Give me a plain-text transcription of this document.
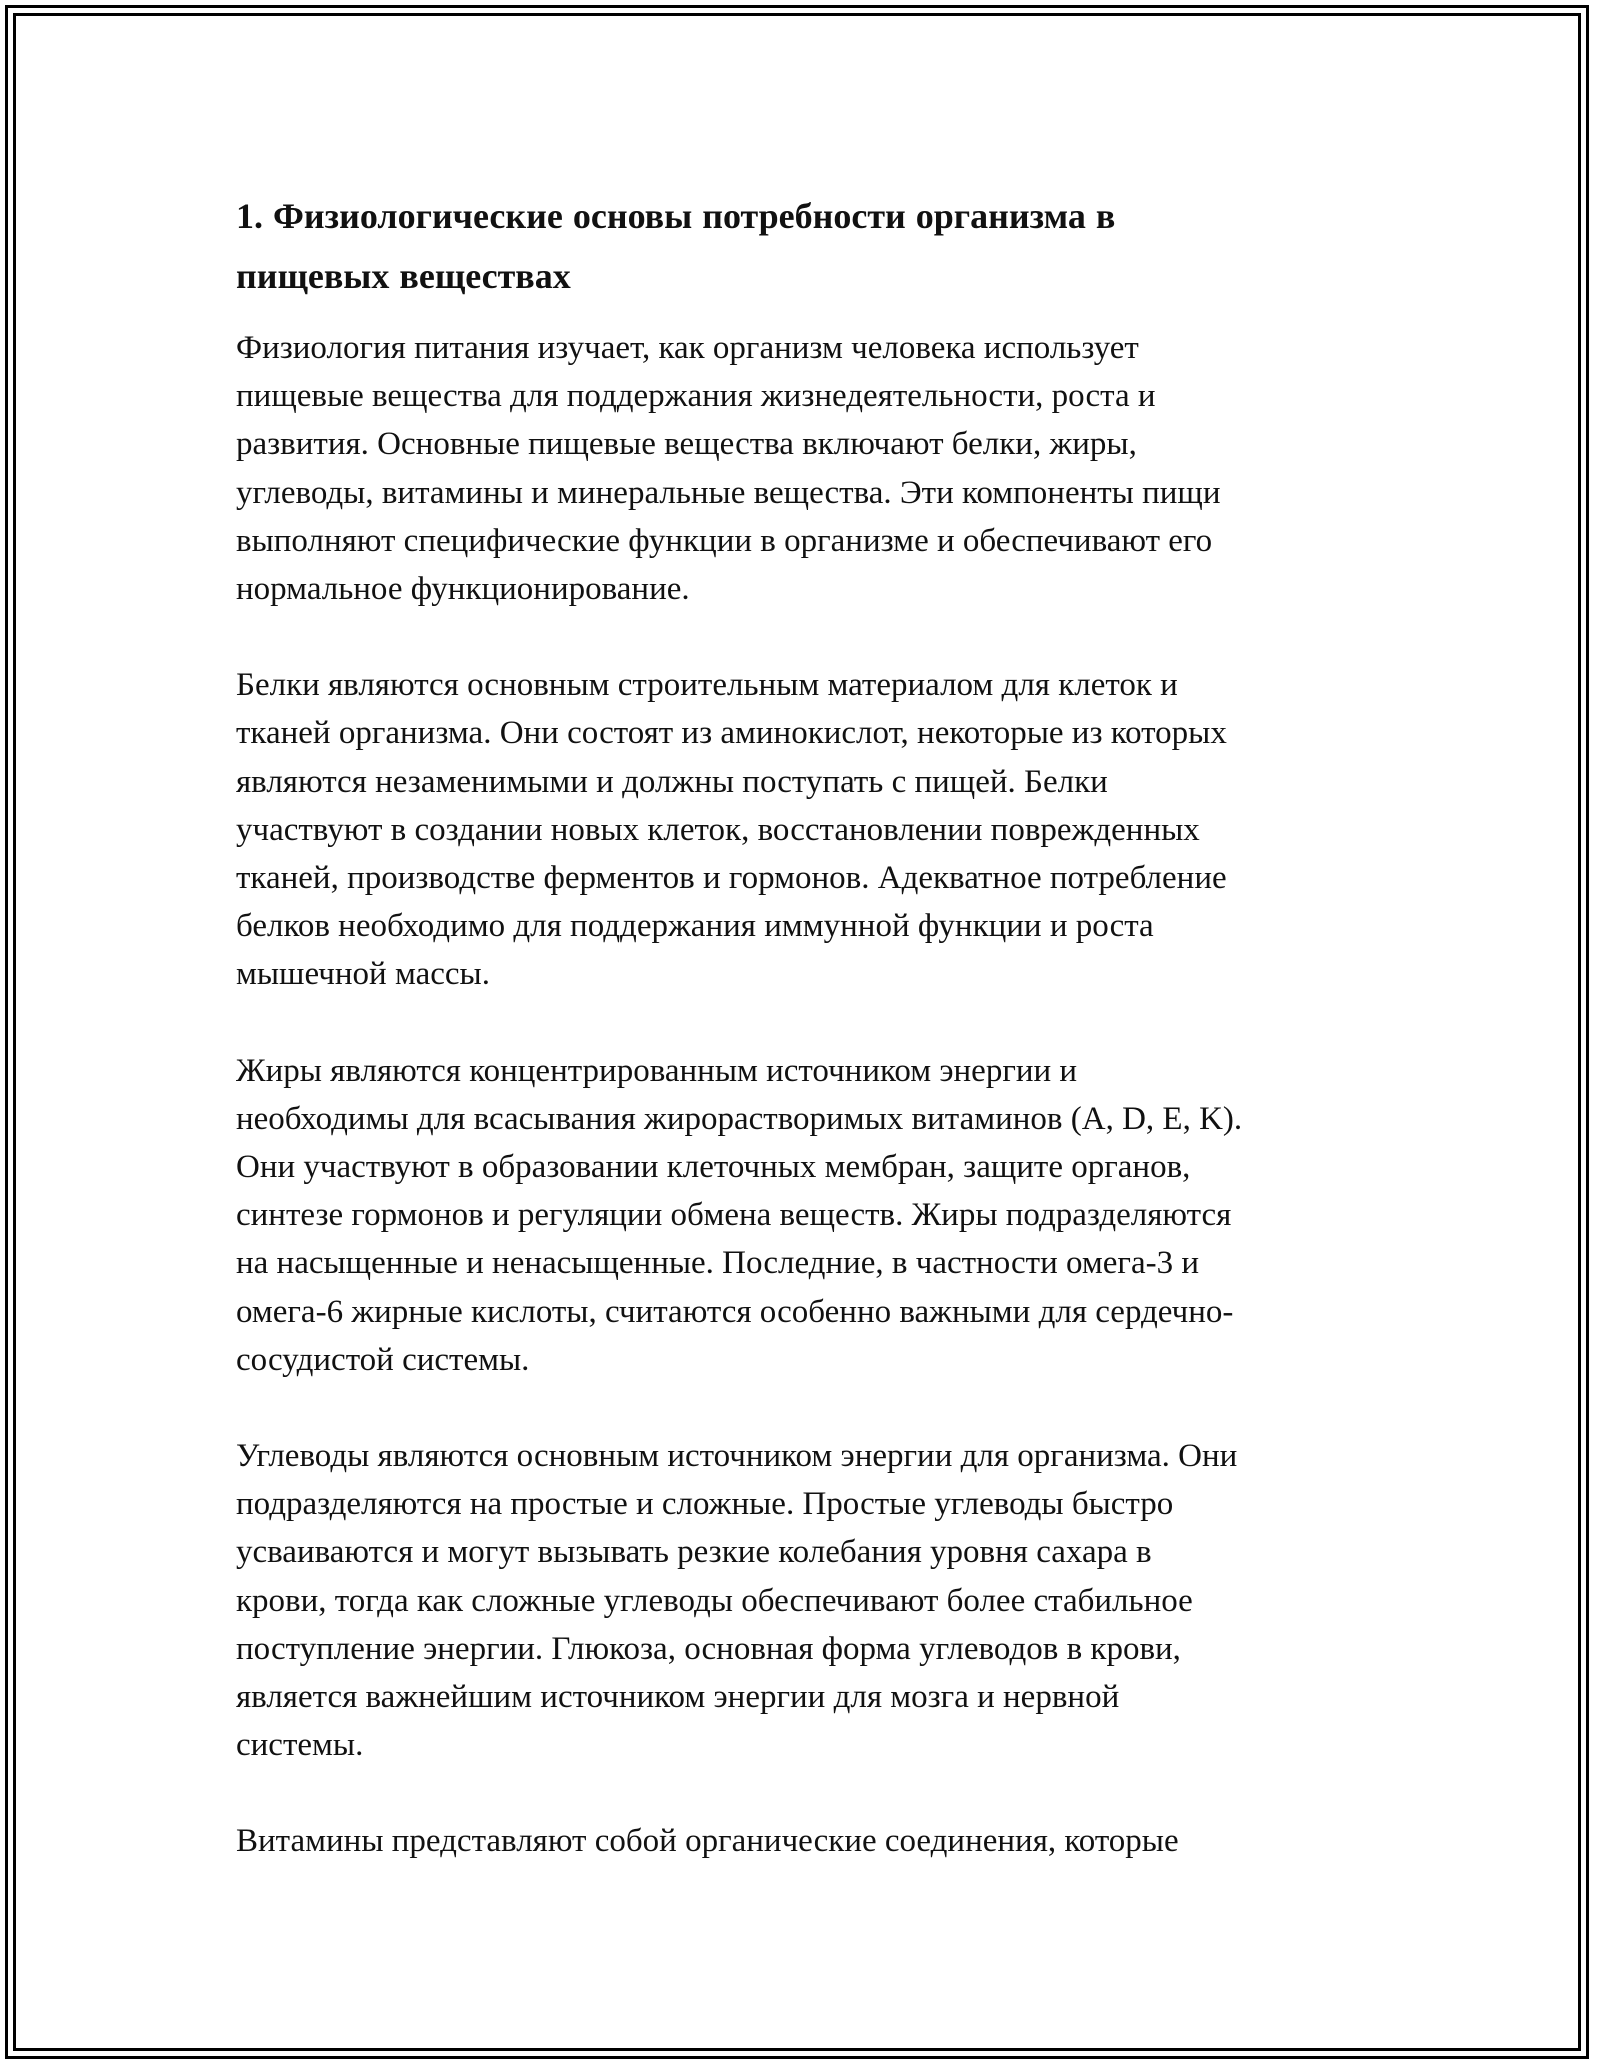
1. Физиологические основы потребности организма в
пищевых веществах

Физиология питания изучает, как организм человека использует
пищевые вещества для поддержания жизнедеятельности, роста и
развития. Основные пищевые вещества включают белки, жиры,
углеводы, витамины и минеральные вещества. Эти компоненты пищи
выполняют специфические функции в организме и обеспечивают его
нормальное функционирование.

Белки являются основным строительным материалом для клеток и
тканей организма. Они состоят из аминокислот, некоторые из которых
являются незаменимыми и должны поступать с пищей. Белки
участвуют в создании новых клеток, восстановлении поврежденных
тканей, производстве ферментов и гормонов. Адекватное потребление
белков необходимо для поддержания иммунной функции и роста
мышечной массы.

Жиры являются концентрированным источником энергии и
необходимы для всасывания жирорастворимых витаминов (A, D, E, K).
Они участвуют в образовании клеточных мембран, защите органов,
синтезе гормонов и регуляции обмена веществ. Жиры подразделяются
на насыщенные и ненасыщенные. Последние, в частности омега-3 и
омега-6 жирные кислоты, считаются особенно важными для сердечно-
сосудистой системы.

Углеводы являются основным источником энергии для организма. Они
подразделяются на простые и сложные. Простые углеводы быстро
усваиваются и могут вызывать резкие колебания уровня сахара в
крови, тогда как сложные углеводы обеспечивают более стабильное
поступление энергии. Глюкоза, основная форма углеводов в крови,
является важнейшим источником энергии для мозга и нервной
системы.

Витамины представляют собой органические соединения, которые
